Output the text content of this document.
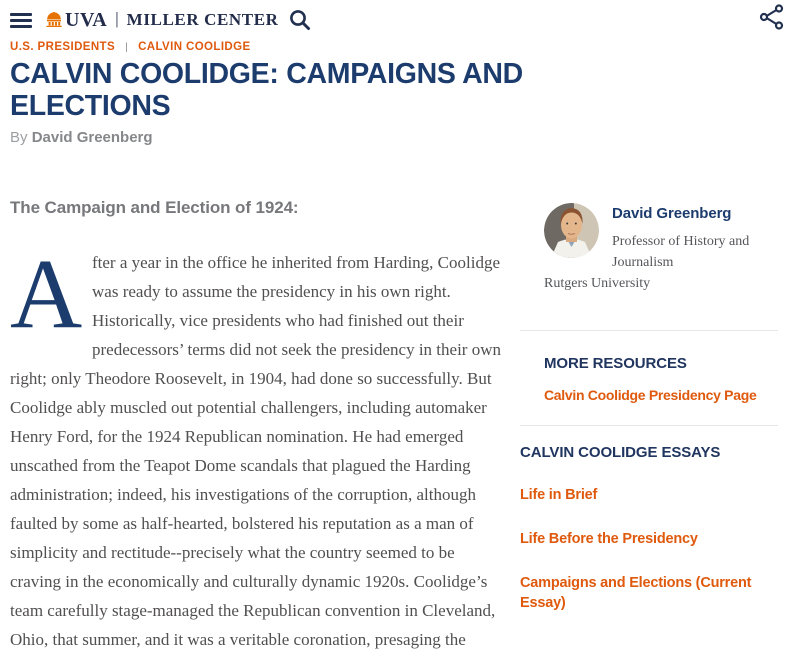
UVA | MILLER CENTER
U.S. PRESIDENTS | CALVIN COOLIDGE
CALVIN COOLIDGE: CAMPAIGNS AND
ELECTIONS
By David Greenberg
The Campaign and Election of 1924:

After a year in the office he inherited from Harding, Coolidge was ready to assume the presidency in his own right. Historically, vice presidents who had finished out their predecessors’ terms did not seek the presidency in their own right; only Theodore Roosevelt, in 1904, had done so successfully. But Coolidge ably muscled out potential challengers, including automaker Henry Ford, for the 1924 Republican nomination. He had emerged unscathed from the Teapot Dome scandals that plagued the Harding administration; indeed, his investigations of the corruption, although faulted by some as half-hearted, bolstered his reputation as a man of simplicity and rectitude--precisely what the country seemed to be craving in the economically and culturally dynamic 1920s. Coolidge’s team carefully stage-managed the Republican convention in Cleveland, Ohio, that summer, and it was a veritable coronation, presaging the

David Greenberg
Professor of History and Journalism
Rutgers University
MORE RESOURCES
Calvin Coolidge Presidency Page
CALVIN COOLIDGE ESSAYS
Life in Brief
Life Before the Presidency
Campaigns and Elections (Current Essay)
